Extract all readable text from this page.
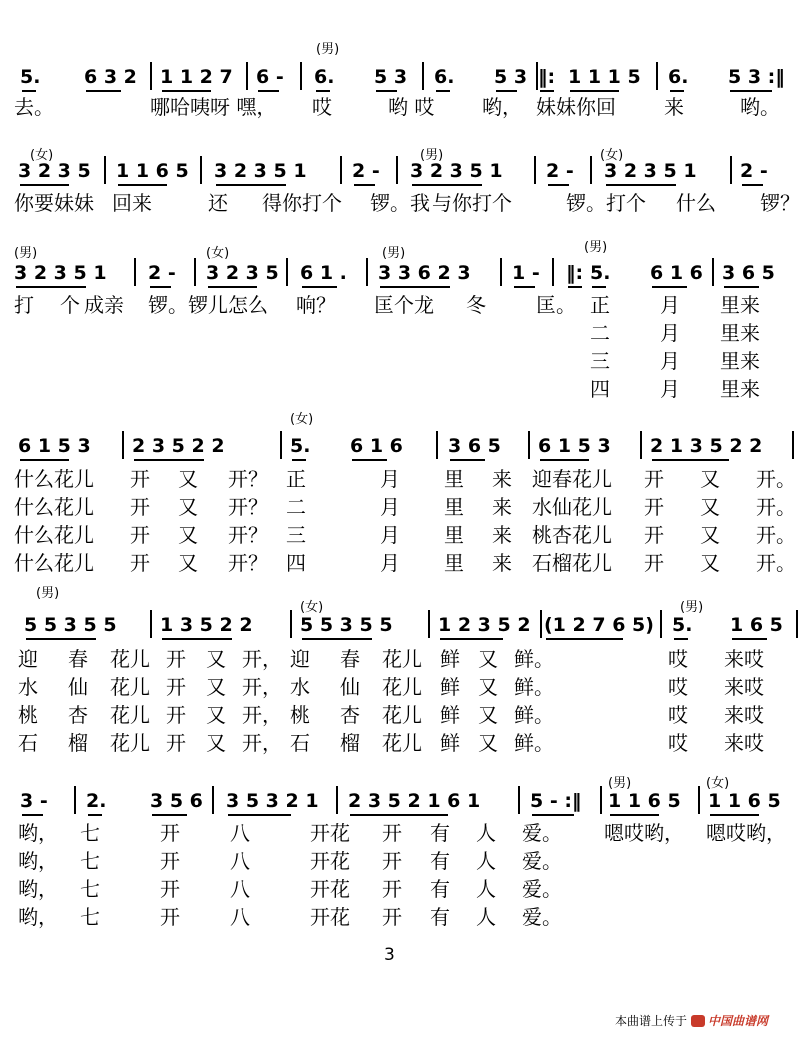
(男)
5. 6 3 2 1 1 2 7 6 - 6. 5 3 6. 5 3 ‖: 1 1 1 5 6. 5 3 :‖
去。	哪哈咦呀 嘿， 哎	哟 哎 哟， 妹妹你回 来	哟。
(女)	(男)	(女)
3 2 3 5 1 1 6 5 3 2 3 5 1 2 - 3 2 3 5 1 2 - 3 2 3 5 1 2 -
你要妹妹 回来	还 得你打个 锣。我 与你打个	锣。打 个 什么 锣？
(男)	(女)	(男)	(男)
3 2 3 5 1 2 - 3 2 3 5 6 1 . 3 3 6 2 3 1 - ‖: 5. 6 1 6 3 6 5
打 个 成亲 锣。锣儿怎么 响？ 匡个龙 冬	匡。 正	月 里来
二	月 里来
三	月 里来
四	月 里来
(女)
6 1 5 3 2 3 5 2 2	5. 6 1 6 3 6 5 6 1 5 3 2 1 3 5 2 2
什么花儿 开 又 开？ 正	月 里 来 迎春花儿 开 又 开。
什么花儿 开 又 开？ 二	月 里 来 水仙花儿 开 又 开。
什么花儿 开 又 开？ 三	月 里 来 桃杏花儿 开 又 开。
什么花儿 开 又 开？ 四	月 里 来 石榴花儿 开 又 开。
(男)
(女)	(男)
5 5 3 5 5 1 3 5 2 2 5 5 3 5 5 1 2 3 5 2 (1 2 7 6 5) 5. 1 6 5
迎 春 花儿 开 又 开， 迎 春 花儿 鲜 又 鲜。	哎 来哎
水 仙 花儿 开 又 开， 水 仙 花儿 鲜 又 鲜。	哎 来哎
桃 杏 花儿 开 又 开， 桃 杏 花儿 鲜 又 鲜。	哎 来哎
石 榴 花儿 开 又 开， 石 榴 花儿 鲜 又 鲜。	哎 来哎
(男)	(女)
3 - 2. 3 5 6 3 5 3 2 1 2 3 5 2 1 6 1	5 - :‖ 1 1 6 5 1 1 6 5
哟， 七	开	八	开花 开 有 人 爱。 嗯哎哟， 嗯哎哟，
哟， 七	开	八	开花 开 有 人 爱。
哟， 七	开	八	开花 开 有 人 爱。
哟， 七	开	八	开花 开 有 人 爱。
3
本曲谱上传于 中国曲谱网
